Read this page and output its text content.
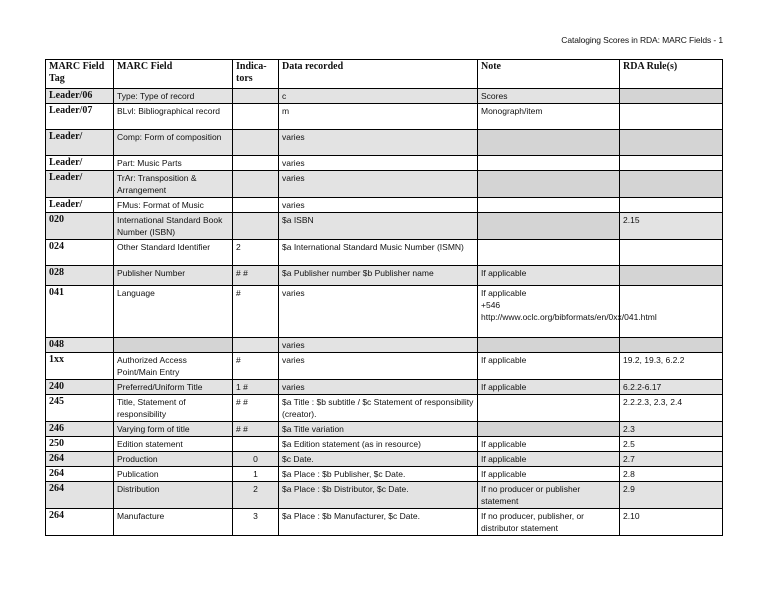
Cataloging Scores in RDA: MARC Fields - 1
MARC Field Tag	MARC Field	Indica-tors	Data recorded	Note	RDA Rule(s)
Leader/06	Type: Type of record		c	Scores	
Leader/07	BLvl: Bibliographical record		m	Monograph/item	
Leader/	Comp: Form of composition		varies		
Leader/	Part: Music Parts		varies		
Leader/	TrAr: Transposition & Arrangement		varies		
Leader/	FMus: Format of Music		varies		
020	International Standard Book Number (ISBN)		$a ISBN		2.15
024	Other Standard Identifier	2	$a International Standard Music Number (ISMN)		
028	Publisher Number	# #	$a Publisher number $b Publisher name	If applicable	
041	Language	#	varies	If applicable
+546
http://www.oclc.org/bibformats/en/0xx/041.html	
048			varies		
1xx	Authorized Access Point/Main Entry	#	varies	If applicable	19.2, 19.3, 6.2.2
240	Preferred/Uniform Title	1 #	varies	If applicable	6.2.2-6.17
245	Title, Statement of responsibility	# #	$a Title : $b subtitle / $c Statement of responsibility (creator).		2.2.2.3, 2.3, 2.4
246	Varying form of title	# #	$a Title variation		2.3
250	Edition statement		$a Edition statement (as in resource)	If applicable	2.5
264	Production	0	$c Date.	If applicable	2.7
264	Publication	1	$a Place : $b Publisher, $c Date.	If applicable	2.8
264	Distribution	2	$a Place : $b Distributor, $c Date.	If no producer or publisher statement	2.9
264	Manufacture	3	$a Place : $b Manufacturer, $c Date.	If no producer, publisher, or distributor statement	2.10
